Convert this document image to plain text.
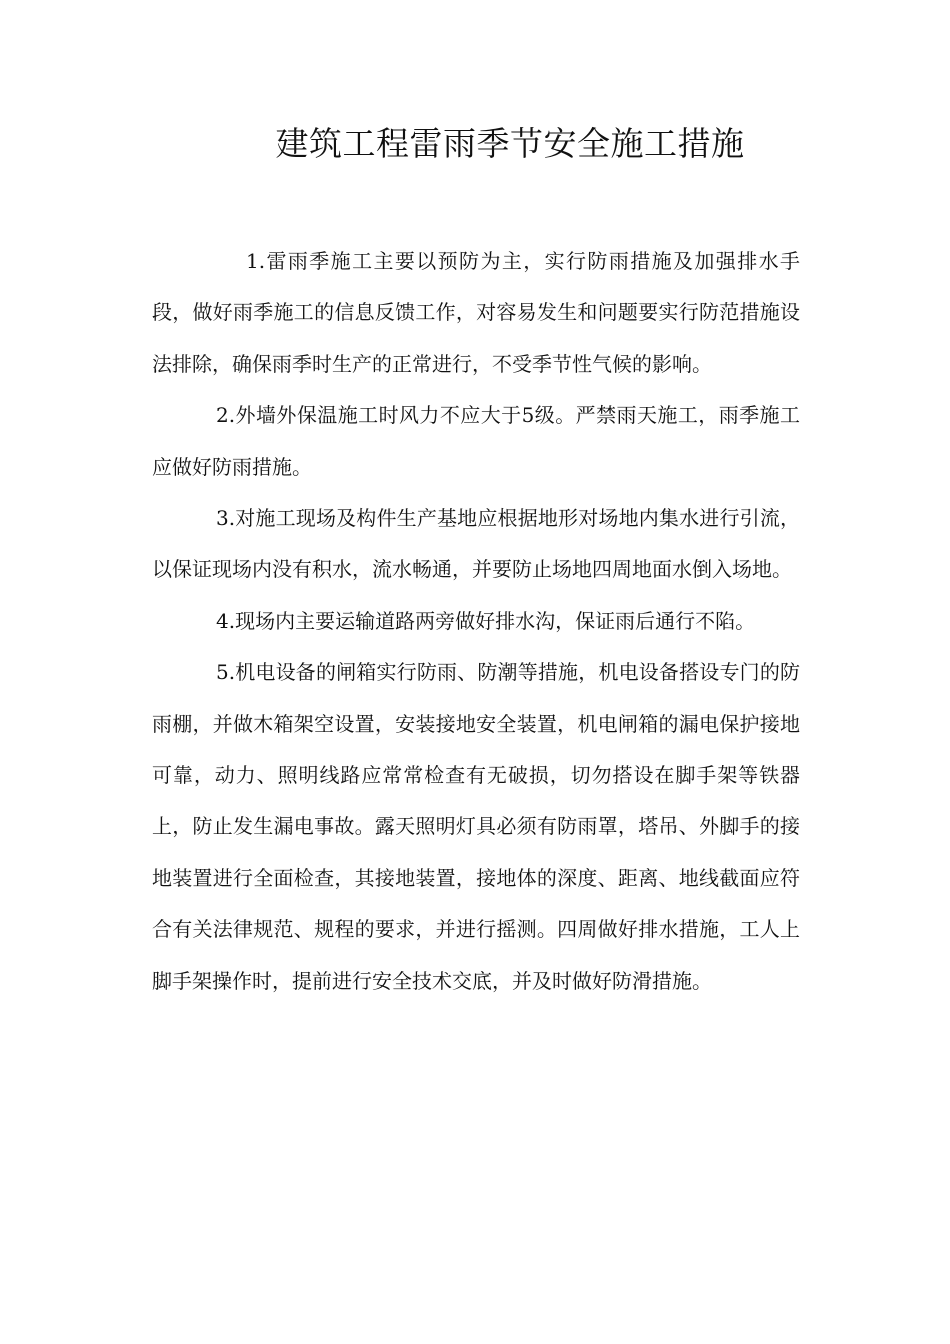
建筑工程雷雨季节安全施工措施

1.雷雨季施工主要以预防为主，实行防雨措施及加强排水手段，做好雨季施工的信息反馈工作，对容易发生和问题要实行防范措施设法排除，确保雨季时生产的正常进行，不受季节性气候的影响。

2.外墙外保温施工时风力不应大于5级。严禁雨天施工，雨季施工应做好防雨措施。

3.对施工现场及构件生产基地应根据地形对场地内集水进行引流，以保证现场内没有积水，流水畅通，并要防止场地四周地面水倒入场地。

4.现场内主要运输道路两旁做好排水沟，保证雨后通行不陷。

5.机电设备的闸箱实行防雨、防潮等措施，机电设备搭设专门的防雨棚，并做木箱架空设置，安装接地安全装置，机电闸箱的漏电保护接地可靠，动力、照明线路应常常检查有无破损，切勿搭设在脚手架等铁器上，防止发生漏电事故。露天照明灯具必须有防雨罩，塔吊、外脚手的接地装置进行全面检查，其接地装置，接地体的深度、距离、地线截面应符合有关法律规范、规程的要求，并进行摇测。四周做好排水措施，工人上脚手架操作时，提前进行安全技术交底，并及时做好防滑措施。
